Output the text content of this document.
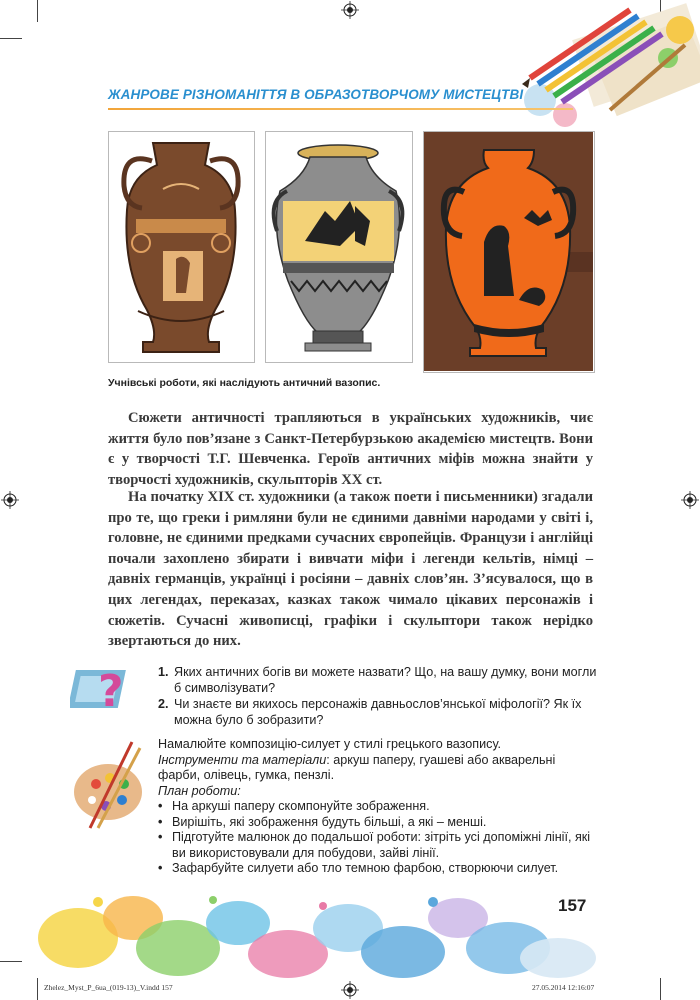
ЖАНРОВЕ РІЗНОМАНІТТЯ В ОБРАЗОТВОРЧОМУ МИСТЕЦТВІ
Учнівські роботи, які наслідують античний вазопис.

Сюжети античності трапляються в українських художників, чиє життя було пов’язане з Санкт-Петербурзькою академією мистецтв. Вони є у творчості Т.Г. Шевченка. Героїв античних міфів можна знайти у творчості художників, скульпторів XX ст.

На початку XIX ст. художники (а також поети і письменники) згадали про те, що греки і римляни були не єдиними давніми народами у світі і, головне, не єдиними предками сучасних європейців. Французи і англійці почали захоплено збирати і вивчати міфи і легенди кельтів, німці – давніх германців, українці і росіяни – давніх слов’ян. З’ясувалося, що в цих легендах, переказах, казках також чимало цікавих персонажів і сюжетів. Сучасні живописці, графіки і скульптори також нерідко звертаються до них.

?	1. Яких античних богів ви можете назвати? Що, на вашу думку, вони могли б символізувати?
2. Чи знаєте ви якихось персонажів давньослов’янської міфології? Як їх можна було б зобразити?
Намалюйте композицію-силует у стилі грецького вазопису.
Інструменти та матеріали: аркуш паперу, гуашеві або акварельні фарби, олівець, гумка, пензлі.
План роботи:
• На аркуші паперу скомпонуйте зображення.
• Вирішіть, які зображення будуть більші, а які – менші.
• Підготуйте малюнок до подальшої роботи: зітріть усі допоміжні лінії, які ви використовували для побудови, зайві лінії.
• Зафарбуйте силуети або тло темною фарбою, створюючи силует.
157
Zhelez_Myst_P_6ua_(019-13)_V.indd 157	27.05.2014 12:16:07
